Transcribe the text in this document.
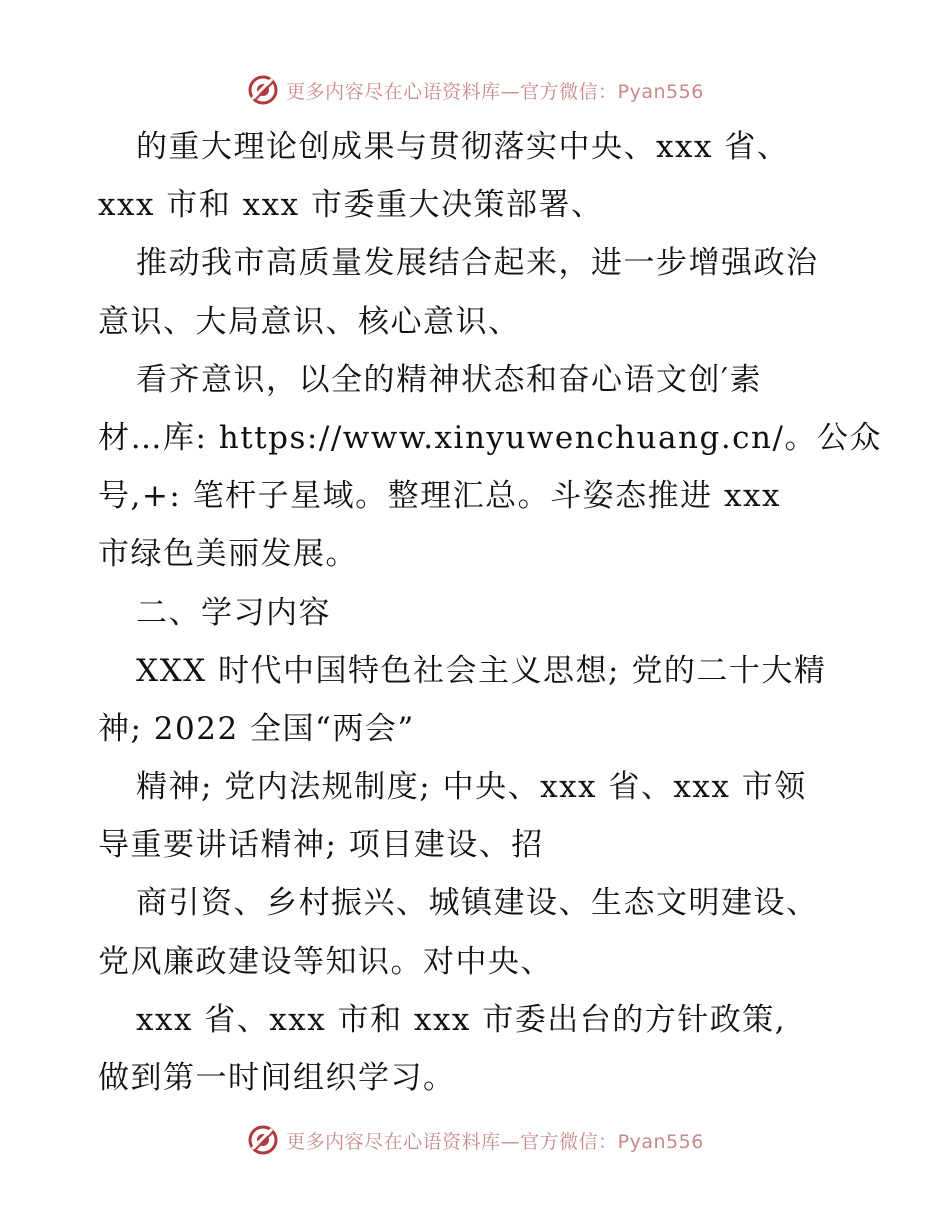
更多内容尽在心语资料库—官方微信：Pyan556
的重大理论创成果与贯彻落实中央、xxx 省、
xxx 市和 xxx 市委重大决策部署、
推动我市高质量发展结合起来，进一步增强政治
意识、大局意识、核心意识、
看齐意识，以全的精神状态和奋心语文创′素
材…库: https://www.xinyuwenchuang.cn/。公众
号,+: 笔杆子星域。整理汇总。斗姿态推进 xxx
市绿色美丽发展。
二、学习内容
XXX 时代中国特色社会主义思想; 党的二十大精
神; 2022 全国“两会”
精神; 党内法规制度; 中央、xxx 省、xxx 市领
导重要讲话精神; 项目建设、招
商引资、乡村振兴、城镇建设、生态文明建设、
党风廉政建设等知识。对中央、
xxx 省、xxx 市和 xxx 市委出台的方针政策,
做到第一时间组织学习。
更多内容尽在心语资料库—官方微信：Pyan556
